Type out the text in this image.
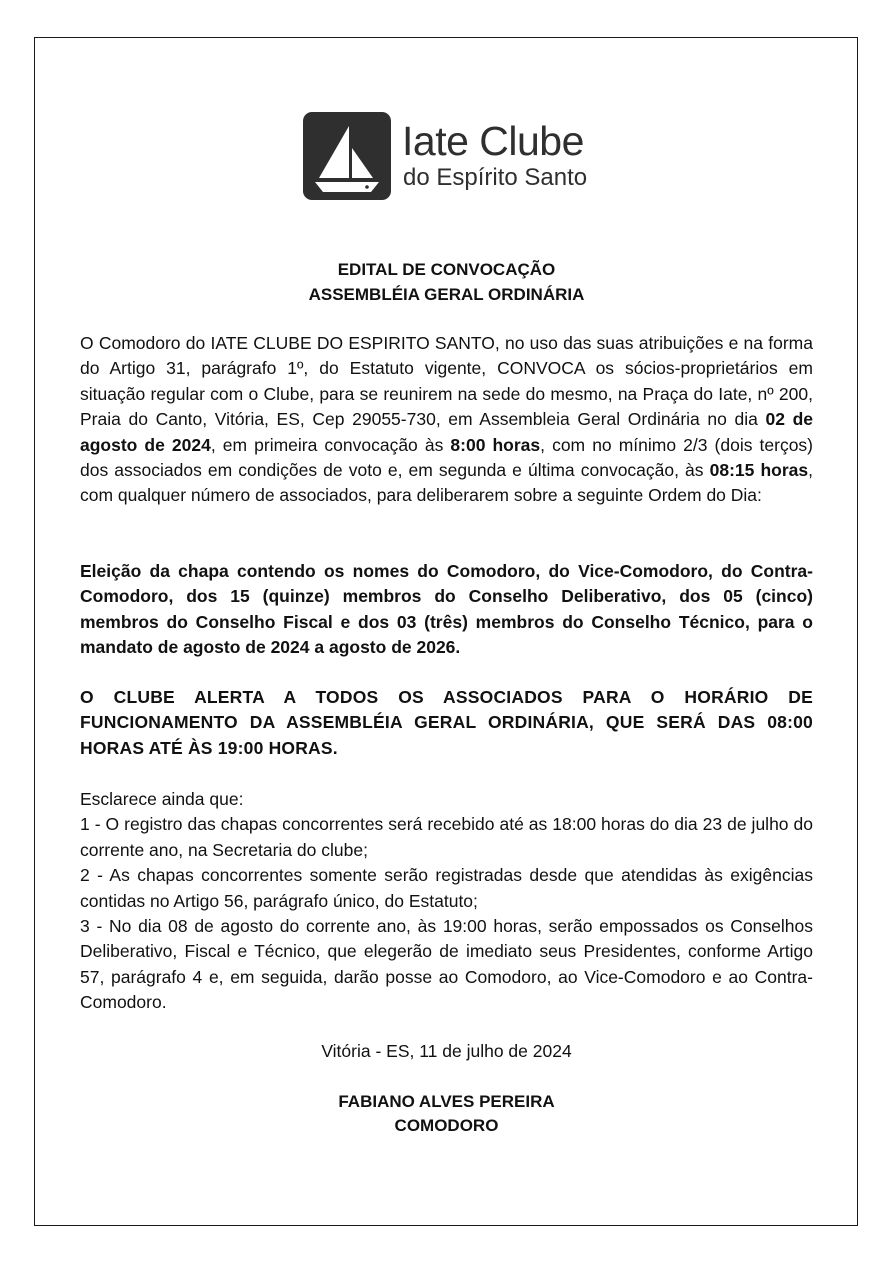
Iate Clube
do Espírito Santo
EDITAL DE CONVOCAÇÃO
ASSEMBLÉIA GERAL ORDINÁRIA

O Comodoro do IATE CLUBE DO ESPIRITO SANTO, no uso das suas atribuições e na forma do Artigo 31, parágrafo 1º, do Estatuto vigente, CONVOCA os sócios-proprietários em situação regular com o Clube, para se reunirem na sede do mesmo, na Praça do Iate, nº 200, Praia do Canto, Vitória, ES, Cep 29055-730, em Assembleia Geral Ordinária no dia 02 de agosto de 2024, em primeira convocação às 8:00 horas, com no mínimo 2/3 (dois terços) dos associados em condições de voto e, em segunda e última convocação, às 08:15 horas, com qualquer número de associados, para deliberarem sobre a seguinte Ordem do Dia:

Eleição da chapa contendo os nomes do Comodoro, do Vice-Comodoro, do Contra-Comodoro, dos 15 (quinze) membros do Conselho Deliberativo, dos 05 (cinco) membros do Conselho Fiscal e dos 03 (três) membros do Conselho Técnico, para o mandato de agosto de 2024 a agosto de 2026.

O CLUBE ALERTA A TODOS OS ASSOCIADOS PARA O HORÁRIO DE FUNCIONAMENTO DA ASSEMBLÉIA GERAL ORDINÁRIA, QUE SERÁ DAS 08:00 HORAS ATÉ ÀS 19:00 HORAS.

Esclarece ainda que:
1 - O registro das chapas concorrentes será recebido até as 18:00 horas do dia 23 de julho do corrente ano, na Secretaria do clube;
2 - As chapas concorrentes somente serão registradas desde que atendidas às exigências contidas no Artigo 56, parágrafo único, do Estatuto;
3 - No dia 08 de agosto do corrente ano, às 19:00 horas, serão empossados os Conselhos Deliberativo, Fiscal e Técnico, que elegerão de imediato seus Presidentes, conforme Artigo 57, parágrafo 4 e, em seguida, darão posse ao Comodoro, ao Vice-Comodoro e ao Contra-Comodoro.

Vitória - ES, 11 de julho de 2024
FABIANO ALVES PEREIRA
COMODORO
